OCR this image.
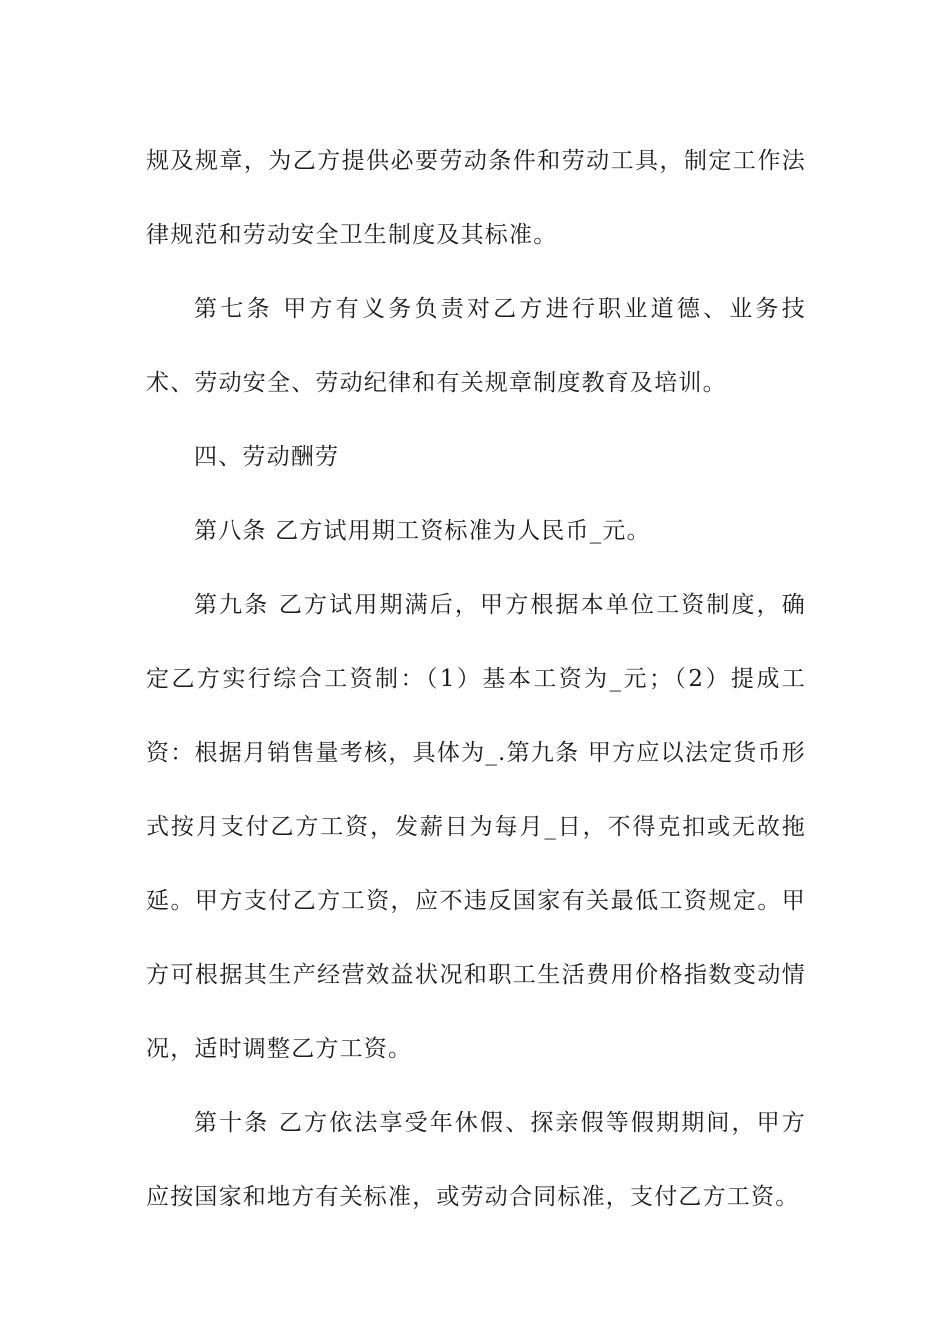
规及规章，为乙方提供必要劳动条件和劳动工具，制定工作法律规范和劳动安全卫生制度及其标准。

第七条 甲方有义务负责对乙方进行职业道德、业务技术、劳动安全、劳动纪律和有关规章制度教育及培训。

四、劳动酬劳

第八条 乙方试用期工资标准为人民币_元。

第九条 乙方试用期满后，甲方根据本单位工资制度，确定乙方实行综合工资制：（1）基本工资为_元；（2）提成工资：根据月销售量考核，具体为_.第九条 甲方应以法定货币形式按月支付乙方工资，发薪日为每月_日，不得克扣或无故拖延。甲方支付乙方工资，应不违反国家有关最低工资规定。甲方可根据其生产经营效益状况和职工生活费用价格指数变动情况，适时调整乙方工资。

第十条 乙方依法享受年休假、探亲假等假期期间，甲方应按国家和地方有关标准，或劳动合同标准，支付乙方工资。
